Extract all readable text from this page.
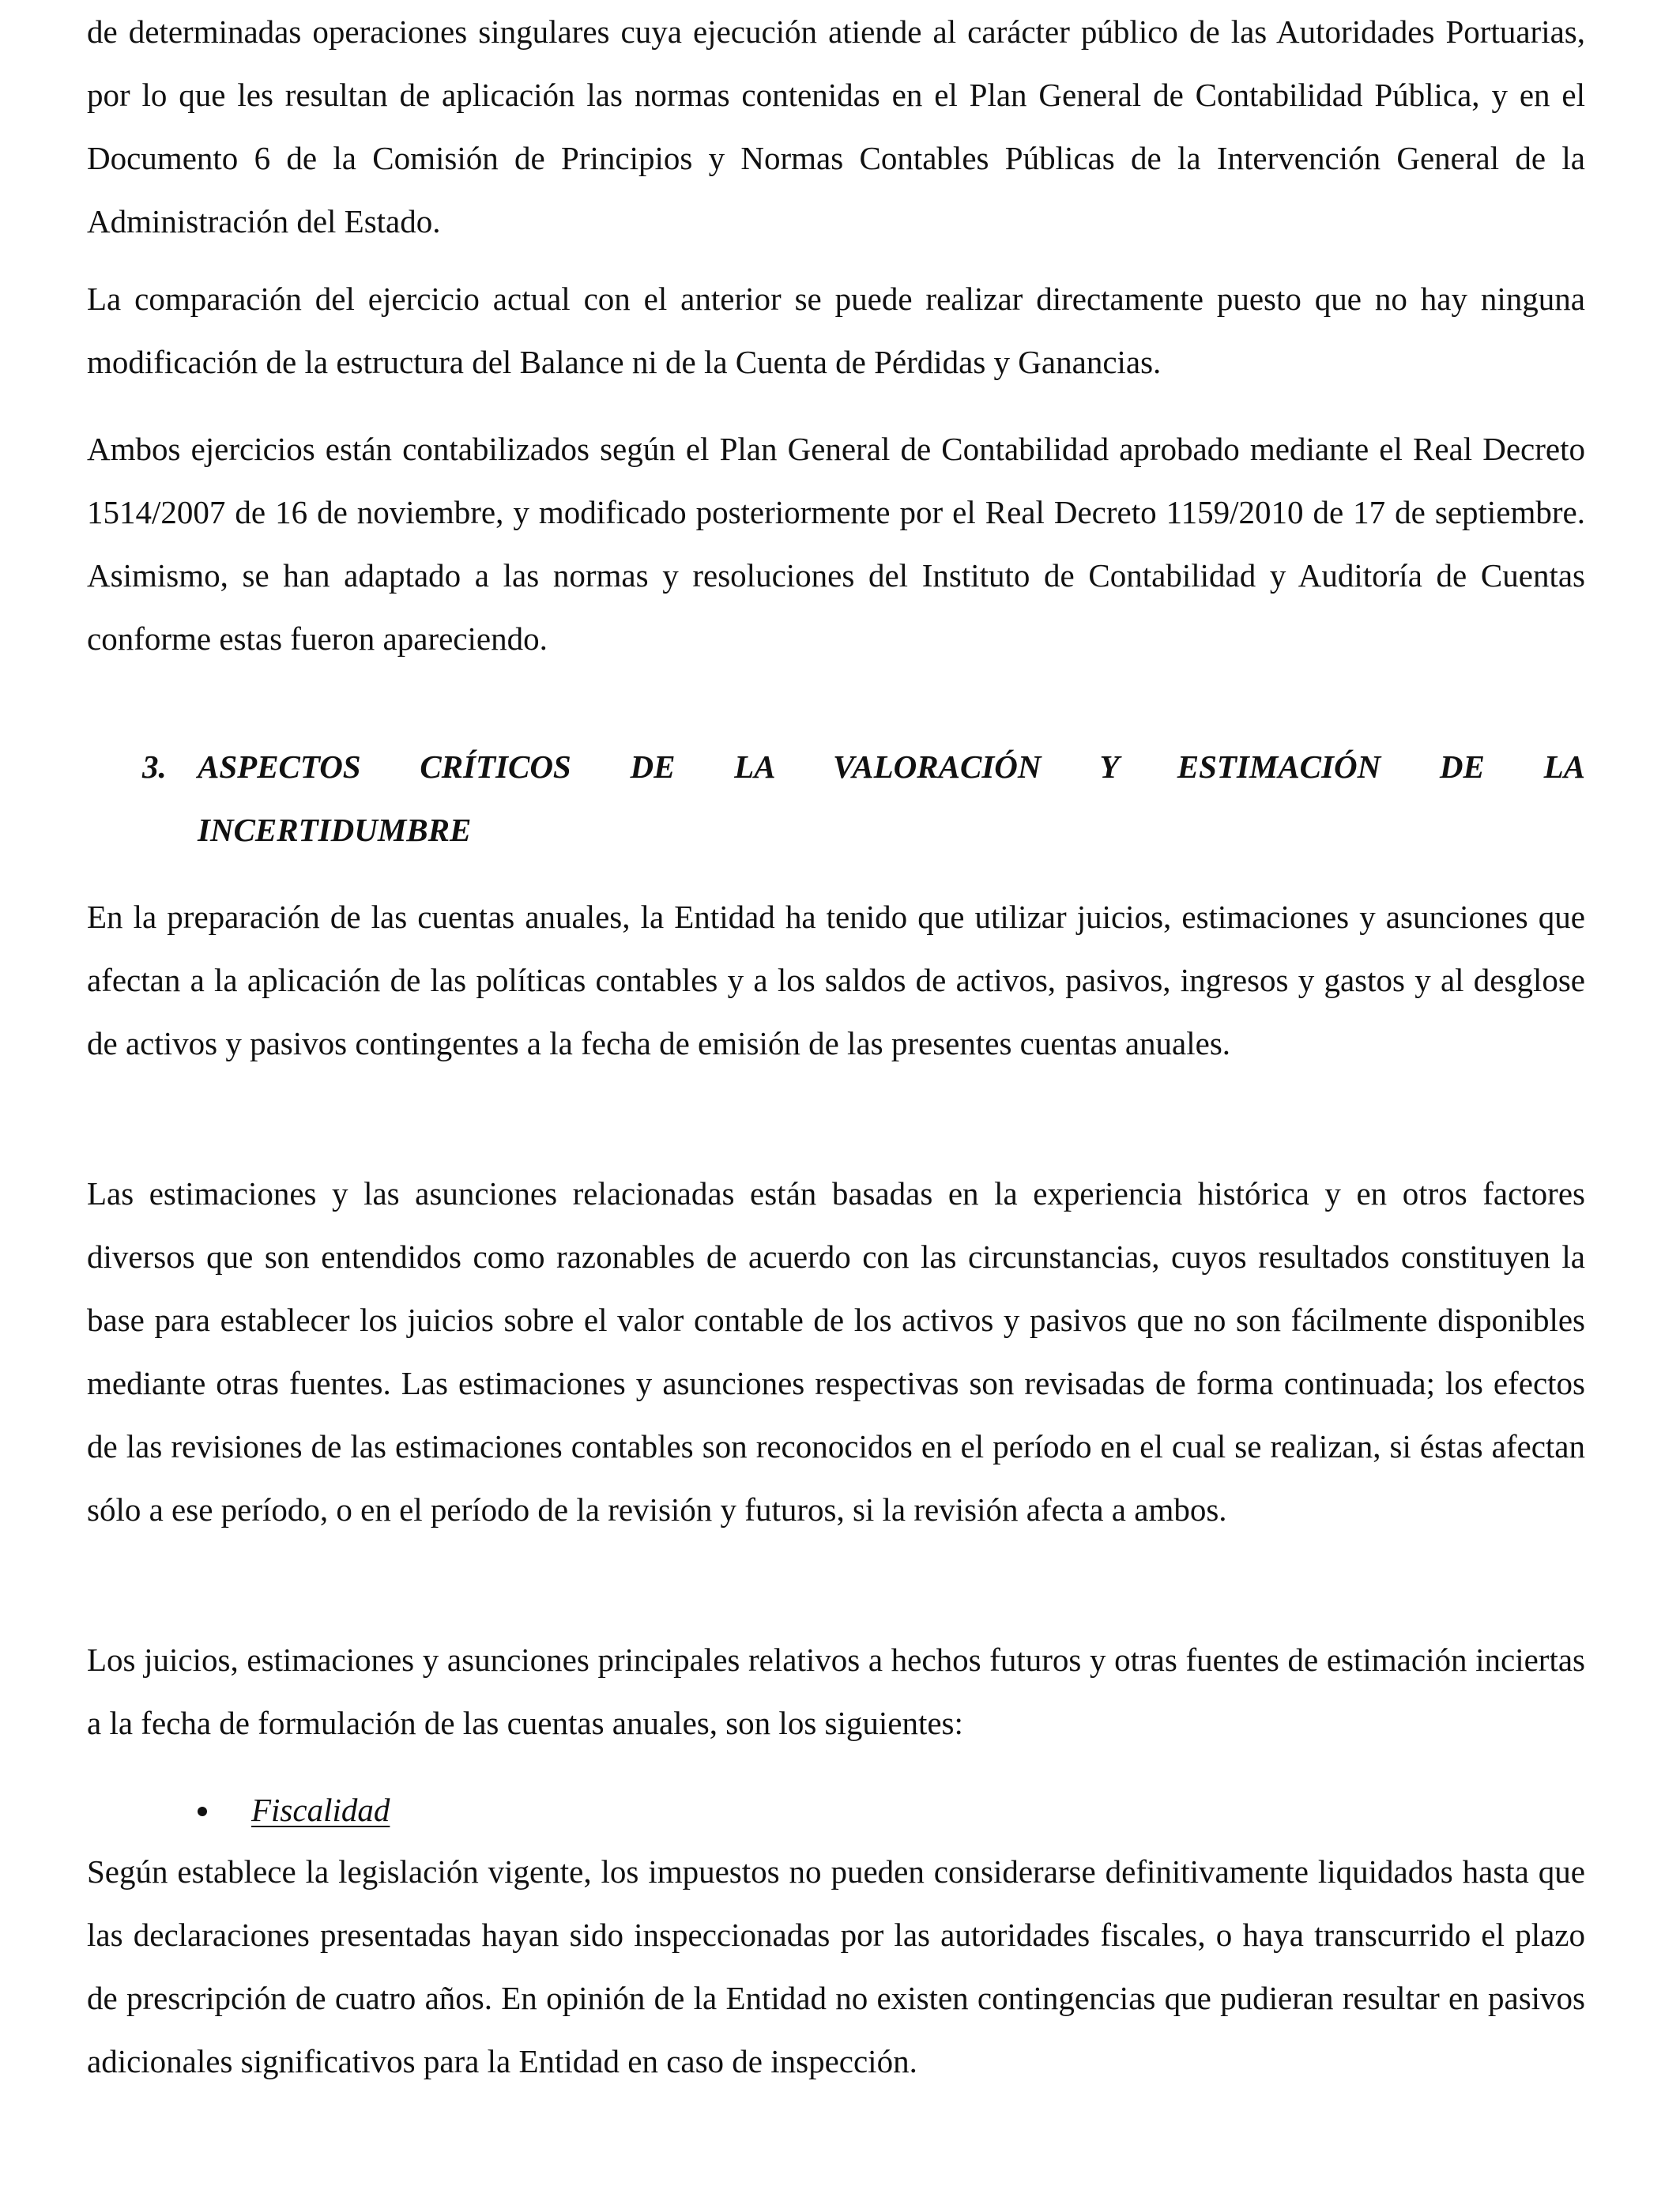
de determinadas operaciones singulares cuya ejecución atiende al carácter público de las Autoridades Portuarias, por lo que les resultan de aplicación las normas contenidas en el Plan General de Contabilidad Pública, y en el Documento 6 de la Comisión de Principios y Normas Contables Públicas de la Intervención General de la Administración del Estado.

La comparación del ejercicio actual con el anterior se puede realizar directamente puesto que no hay ninguna modificación de la estructura del Balance ni de la Cuenta de Pérdidas y Ganancias.

Ambos ejercicios están contabilizados según el Plan General de Contabilidad aprobado mediante el Real Decreto 1514/2007 de 16 de noviembre, y modificado posteriormente por el Real Decreto 1159/2010 de 17 de septiembre. Asimismo, se han adaptado a las normas y resoluciones del Instituto de Contabilidad y Auditoría de Cuentas conforme estas fueron apareciendo.

3. ASPECTOS CRÍTICOS DE LA VALORACIÓN Y ESTIMACIÓN DE LA
INCERTIDUMBRE

En la preparación de las cuentas anuales, la Entidad ha tenido que utilizar juicios, estimaciones y asunciones que afectan a la aplicación de las políticas contables y a los saldos de activos, pasivos, ingresos y gastos y al desglose de activos y pasivos contingentes a la fecha de emisión de las presentes cuentas anuales.

Las estimaciones y las asunciones relacionadas están basadas en la experiencia histórica y en otros factores diversos que son entendidos como razonables de acuerdo con las circunstancias, cuyos resultados constituyen la base para establecer los juicios sobre el valor contable de los activos y pasivos que no son fácilmente disponibles mediante otras fuentes. Las estimaciones y asunciones respectivas son revisadas de forma continuada; los efectos de las revisiones de las estimaciones contables son reconocidos en el período en el cual se realizan, si éstas afectan sólo a ese período, o en el período de la revisión y futuros, si la revisión afecta a ambos.

Los juicios, estimaciones y asunciones principales relativos a hechos futuros y otras fuentes de estimación inciertas a la fecha de formulación de las cuentas anuales, son los siguientes:

Fiscalidad

Según establece la legislación vigente, los impuestos no pueden considerarse definitivamente liquidados hasta que las declaraciones presentadas hayan sido inspeccionadas por las autoridades fiscales, o haya transcurrido el plazo de prescripción de cuatro años. En opinión de la Entidad no existen contingencias que pudieran resultar en pasivos adicionales significativos para la Entidad en caso de inspección.
